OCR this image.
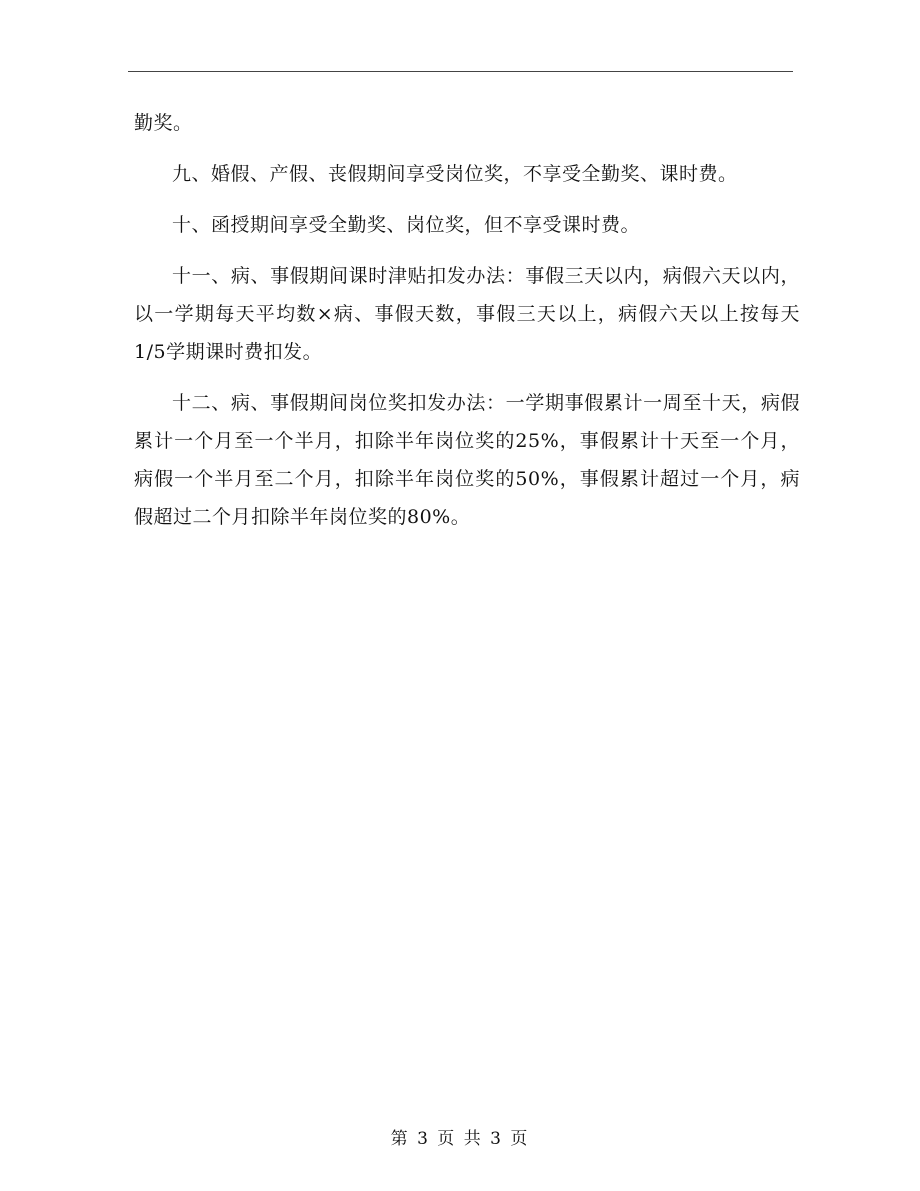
勤奖。

九、婚假、产假、丧假期间享受岗位奖，不享受全勤奖、课时费。

十、函授期间享受全勤奖、岗位奖，但不享受课时费。

十一、病、事假期间课时津贴扣发办法：事假三天以内，病假六天以内，以一学期每天平均数×病、事假天数，事假三天以上，病假六天以上按每天1/5学期课时费扣发。

十二、病、事假期间岗位奖扣发办法：一学期事假累计一周至十天，病假累计一个月至一个半月，扣除半年岗位奖的25%，事假累计十天至一个月，病假一个半月至二个月，扣除半年岗位奖的50%，事假累计超过一个月，病假超过二个月扣除半年岗位奖的80%。

第 3 页 共 3 页
